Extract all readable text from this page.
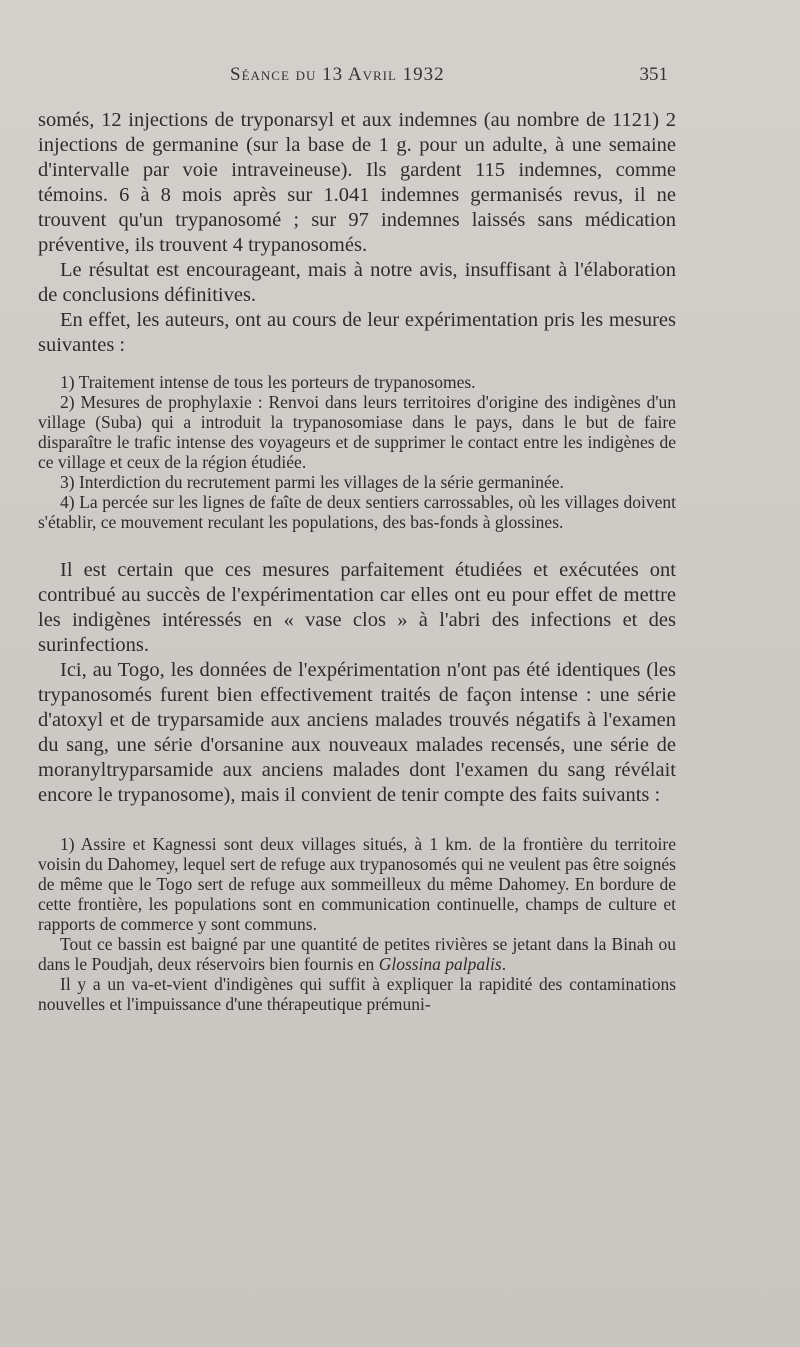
Séance du 13 Avril 1932	351

somés, 12 injections de tryponarsyl et aux indemnes (au nombre de 1121) 2 injections de germanine (sur la base de 1 g. pour un adulte, à une semaine d'intervalle par voie intraveineuse). Ils gardent 115 indemnes, comme témoins. 6 à 8 mois après sur 1.041 indemnes germanisés revus, il ne trouvent qu'un trypanosomé ; sur 97 indemnes laissés sans médication préventive, ils trouvent 4 trypanosomés.

Le résultat est encourageant, mais à notre avis, insuffisant à l'élaboration de conclusions définitives.

En effet, les auteurs, ont au cours de leur expérimentation pris les mesures suivantes :

1) Traitement intense de tous les porteurs de trypanosomes.

2) Mesures de prophylaxie : Renvoi dans leurs territoires d'origine des indigènes d'un village (Suba) qui a introduit la trypanosomiase dans le pays, dans le but de faire disparaître le trafic intense des voyageurs et de supprimer le contact entre les indigènes de ce village et ceux de la région étudiée.

3) Interdiction du recrutement parmi les villages de la série germaninée.

4) La percée sur les lignes de faîte de deux sentiers carrossables, où les villages doivent s'établir, ce mouvement reculant les populations, des bas-fonds à glossines.

Il est certain que ces mesures parfaitement étudiées et exécutées ont contribué au succès de l'expérimentation car elles ont eu pour effet de mettre les indigènes intéressés en « vase clos » à l'abri des infections et des surinfections.

Ici, au Togo, les données de l'expérimentation n'ont pas été identiques (les trypanosomés furent bien effectivement traités de façon intense : une série d'atoxyl et de tryparsamide aux anciens malades trouvés négatifs à l'examen du sang, une série d'orsanine aux nouveaux malades recensés, une série de moranyltryparsamide aux anciens malades dont l'examen du sang révélait encore le trypanosome), mais il convient de tenir compte des faits suivants :

1) Assire et Kagnessi sont deux villages situés, à 1 km. de la frontière du territoire voisin du Dahomey, lequel sert de refuge aux trypanosomés qui ne veulent pas être soignés de même que le Togo sert de refuge aux sommeilleux du même Dahomey. En bordure de cette frontière, les populations sont en communication continuelle, champs de culture et rapports de commerce y sont communs.

Tout ce bassin est baigné par une quantité de petites rivières se jetant dans la Binah ou dans le Poudjah, deux réservoirs bien fournis en Glossina palpalis.

Il y a un va-et-vient d'indigènes qui suffit à expliquer la rapidité des contaminations nouvelles et l'impuissance d'une thérapeutique prémuni-
